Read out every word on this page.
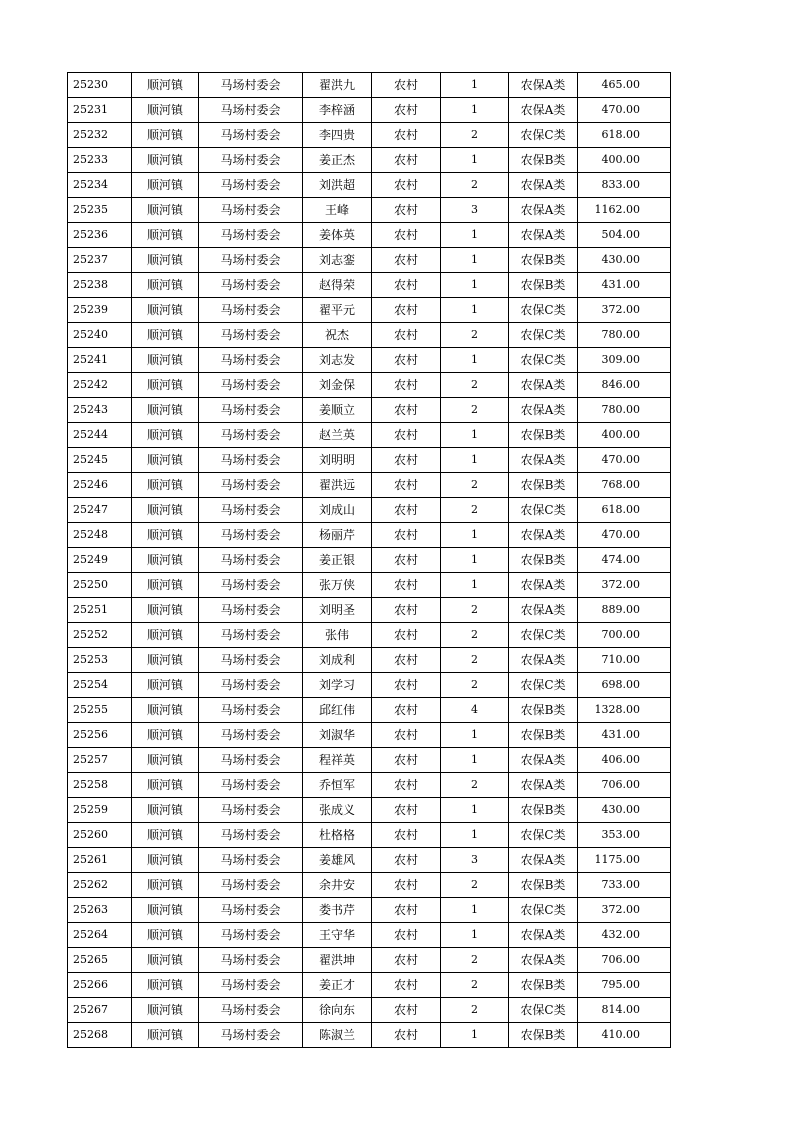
25230	顺河镇	马场村委会	翟洪九	农村	1	农保A类	465.00
25231	顺河镇	马场村委会	李梓涵	农村	1	农保A类	470.00
25232	顺河镇	马场村委会	李四贵	农村	2	农保C类	618.00
25233	顺河镇	马场村委会	姜正杰	农村	1	农保B类	400.00
25234	顺河镇	马场村委会	刘洪超	农村	2	农保A类	833.00
25235	顺河镇	马场村委会	王峰	农村	3	农保A类	1162.00
25236	顺河镇	马场村委会	姜体英	农村	1	农保A类	504.00
25237	顺河镇	马场村委会	刘志銮	农村	1	农保B类	430.00
25238	顺河镇	马场村委会	赵得荣	农村	1	农保B类	431.00
25239	顺河镇	马场村委会	翟平元	农村	1	农保C类	372.00
25240	顺河镇	马场村委会	祝杰	农村	2	农保C类	780.00
25241	顺河镇	马场村委会	刘志发	农村	1	农保C类	309.00
25242	顺河镇	马场村委会	刘金保	农村	2	农保A类	846.00
25243	顺河镇	马场村委会	姜顺立	农村	2	农保A类	780.00
25244	顺河镇	马场村委会	赵兰英	农村	1	农保B类	400.00
25245	顺河镇	马场村委会	刘明明	农村	1	农保A类	470.00
25246	顺河镇	马场村委会	翟洪远	农村	2	农保B类	768.00
25247	顺河镇	马场村委会	刘成山	农村	2	农保C类	618.00
25248	顺河镇	马场村委会	杨丽芹	农村	1	农保A类	470.00
25249	顺河镇	马场村委会	姜正银	农村	1	农保B类	474.00
25250	顺河镇	马场村委会	张万侠	农村	1	农保A类	372.00
25251	顺河镇	马场村委会	刘明圣	农村	2	农保A类	889.00
25252	顺河镇	马场村委会	张伟	农村	2	农保C类	700.00
25253	顺河镇	马场村委会	刘成利	农村	2	农保A类	710.00
25254	顺河镇	马场村委会	刘学习	农村	2	农保C类	698.00
25255	顺河镇	马场村委会	邱红伟	农村	4	农保B类	1328.00
25256	顺河镇	马场村委会	刘淑华	农村	1	农保B类	431.00
25257	顺河镇	马场村委会	程祥英	农村	1	农保A类	406.00
25258	顺河镇	马场村委会	乔恒军	农村	2	农保A类	706.00
25259	顺河镇	马场村委会	张成义	农村	1	农保B类	430.00
25260	顺河镇	马场村委会	杜格格	农村	1	农保C类	353.00
25261	顺河镇	马场村委会	姜雄风	农村	3	农保A类	1175.00
25262	顺河镇	马场村委会	余井安	农村	2	农保B类	733.00
25263	顺河镇	马场村委会	娄书芹	农村	1	农保C类	372.00
25264	顺河镇	马场村委会	王守华	农村	1	农保A类	432.00
25265	顺河镇	马场村委会	翟洪坤	农村	2	农保A类	706.00
25266	顺河镇	马场村委会	姜正才	农村	2	农保B类	795.00
25267	顺河镇	马场村委会	徐向东	农村	2	农保C类	814.00
25268	顺河镇	马场村委会	陈淑兰	农村	1	农保B类	410.00
